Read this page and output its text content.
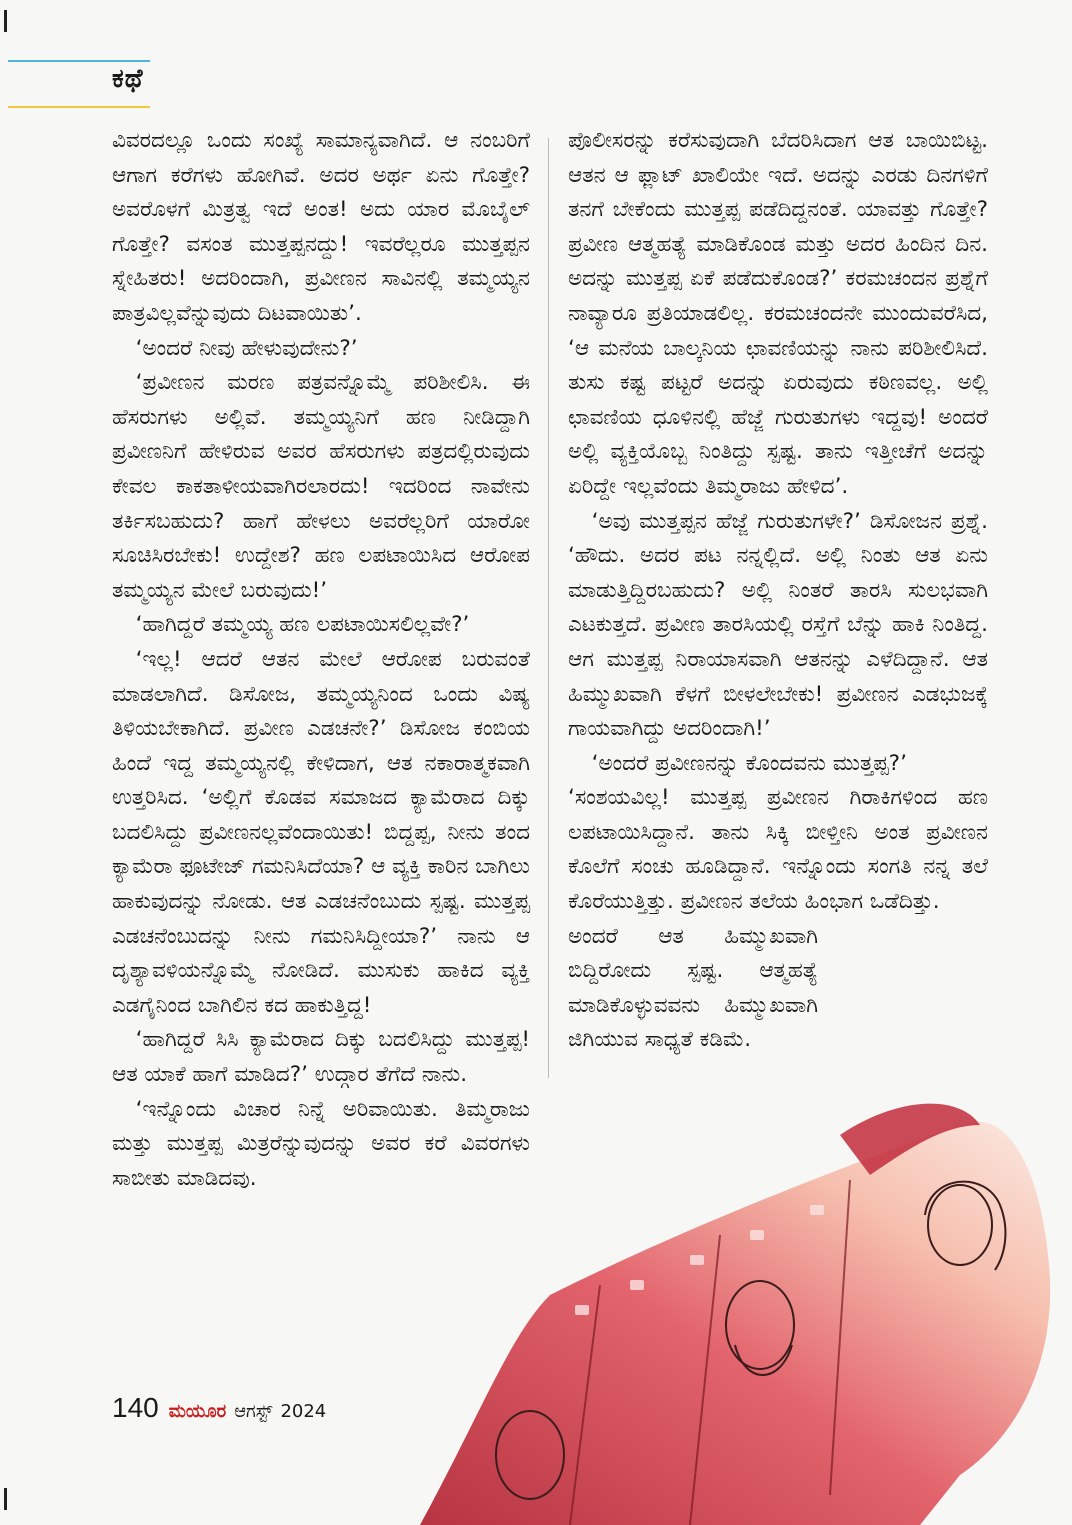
ಕಥೆ

ವಿವರದಲ್ಲೂ ಒಂದು ಸಂಖ್ಯೆ ಸಾಮಾನ್ಯವಾಗಿದೆ. ಆ ನಂಬರಿಗೆ ಆಗಾಗ ಕರೆಗಳು ಹೋಗಿವೆ. ಅದರ ಅರ್ಥ ಏನು ಗೊತ್ತೇ? ಅವರೊಳಗೆ ಮಿತ್ರತ್ವ ಇದೆ ಅಂತ! ಅದು ಯಾರ ಮೊಬೈಲ್ ಗೊತ್ತೇ? ವಸಂತ ಮುತ್ತಪ್ಪನದ್ದು! ಇವರೆಲ್ಲರೂ ಮುತ್ತಪ್ಪನ ಸ್ನೇಹಿತರು! ಅದರಿಂದಾಗಿ, ಪ್ರವೀಣನ ಸಾವಿನಲ್ಲಿ ತಮ್ಮಯ್ಯನ ಪಾತ್ರವಿಲ್ಲವೆನ್ನುವುದು ದಿಟವಾಯಿತು’.

‘ಅಂದರೆ ನೀವು ಹೇಳುವುದೇನು?’

‘ಪ್ರವೀಣನ ಮರಣ ಪತ್ರವನ್ನೊಮ್ಮೆ ಪರಿಶೀಲಿಸಿ. ಈ ಹೆಸರುಗಳು ಅಲ್ಲಿವೆ. ತಮ್ಮಯ್ಯನಿಗೆ ಹಣ ನೀಡಿದ್ದಾಗಿ ಪ್ರವೀಣನಿಗೆ ಹೇಳಿರುವ ಅವರ ಹೆಸರುಗಳು ಪತ್ರದಲ್ಲಿರುವುದು ಕೇವಲ ಕಾಕತಾಳೀಯವಾಗಿರಲಾರದು! ಇದರಿಂದ ನಾವೇನು ತರ್ಕಿಸಬಹುದು? ಹಾಗೆ ಹೇಳಲು ಅವರೆಲ್ಲರಿಗೆ ಯಾರೋ ಸೂಚಿಸಿರಬೇಕು! ಉದ್ದೇಶ? ಹಣ ಲಪಟಾಯಿಸಿದ ಆರೋಪ ತಮ್ಮಯ್ಯನ ಮೇಲೆ ಬರುವುದು!’

‘ಹಾಗಿದ್ದರೆ ತಮ್ಮಯ್ಯ ಹಣ ಲಪಟಾಯಿಸಲಿಲ್ಲವೇ?’

‘ಇಲ್ಲ! ಆದರೆ ಆತನ ಮೇಲೆ ಆರೋಪ ಬರುವಂತೆ ಮಾಡಲಾಗಿದೆ. ಡಿಸೋಜ, ತಮ್ಮಯ್ಯನಿಂದ ಒಂದು ವಿಷ್ಯ ತಿಳಿಯಬೇಕಾಗಿದೆ. ಪ್ರವೀಣ ಎಡಚನೇ?’ ಡಿಸೋಜ ಕಂಬಿಯ ಹಿಂದೆ ಇದ್ದ ತಮ್ಮಯ್ಯನಲ್ಲಿ ಕೇಳಿದಾಗ, ಆತ ನಕಾರಾತ್ಮಕವಾಗಿ ಉತ್ತರಿಸಿದ. ‘ಅಲ್ಲಿಗೆ ಕೊಡವ ಸಮಾಜದ ಕ್ಯಾಮೆರಾದ ದಿಕ್ಕು ಬದಲಿಸಿದ್ದು ಪ್ರವೀಣನಲ್ಲವೆಂದಾಯಿತು! ಬಿದ್ದಪ್ಪ, ನೀನು ತಂದ ಕ್ಯಾಮೆರಾ ಫೂಟೇಜ್ ಗಮನಿಸಿದೆಯಾ? ಆ ವ್ಯಕ್ತಿ ಕಾರಿನ ಬಾಗಿಲು ಹಾಕುವುದನ್ನು ನೋಡು. ಆತ ಎಡಚನೆಂಬುದು ಸ್ಪಷ್ಟ. ಮುತ್ತಪ್ಪ ಎಡಚನೆಂಬುದನ್ನು ನೀನು ಗಮನಿಸಿದ್ದೀಯಾ?’ ನಾನು ಆ ದೃಶ್ಯಾವಳಿಯನ್ನೊಮ್ಮೆ ನೋಡಿದೆ. ಮುಸುಕು ಹಾಕಿದ ವ್ಯಕ್ತಿ ಎಡಗೈನಿಂದ ಬಾಗಿಲಿನ ಕದ ಹಾಕುತ್ತಿದ್ದ!

‘ಹಾಗಿದ್ದರೆ ಸಿಸಿ ಕ್ಯಾಮೆರಾದ ದಿಕ್ಕು ಬದಲಿಸಿದ್ದು ಮುತ್ತಪ್ಪ! ಆತ ಯಾಕೆ ಹಾಗೆ ಮಾಡಿದ?’ ಉದ್ಗಾರ ತೆಗೆದೆ ನಾನು.

‘ಇನ್ನೊಂದು ವಿಚಾರ ನಿನ್ನೆ ಅರಿವಾಯಿತು. ತಿಮ್ಮರಾಜು ಮತ್ತು ಮುತ್ತಪ್ಪ ಮಿತ್ರರೆನ್ನುವುದನ್ನು ಅವರ ಕರೆ ವಿವರಗಳು ಸಾಬೀತು ಮಾಡಿದವು.

ಪೊಲೀಸರನ್ನು ಕರೆಸುವುದಾಗಿ ಬೆದರಿಸಿದಾಗ ಆತ ಬಾಯಿಬಿಟ್ಟ. ಆತನ ಆ ಫ್ಲಾಟ್ ಖಾಲಿಯೇ ಇದೆ. ಅದನ್ನು ಎರಡು ದಿನಗಳಿಗೆ ತನಗೆ ಬೇಕೆಂದು ಮುತ್ತಪ್ಪ ಪಡೆದಿದ್ದನಂತೆ. ಯಾವತ್ತು ಗೊತ್ತೇ? ಪ್ರವೀಣ ಆತ್ಮಹತ್ಯೆ ಮಾಡಿಕೊಂಡ ಮತ್ತು ಅದರ ಹಿಂದಿನ ದಿನ. ಅದನ್ನು ಮುತ್ತಪ್ಪ ಏಕೆ ಪಡೆದುಕೊಂಡ?’ ಕರಮಚಂದನ ಪ್ರಶ್ನೆಗೆ ನಾವ್ಯಾರೂ ಪ್ರತಿಯಾಡಲಿಲ್ಲ. ಕರಮಚಂದನೇ ಮುಂದುವರೆಸಿದ, ‘ಆ ಮನೆಯ ಬಾಲ್ಕನಿಯ ಛಾವಣಿಯನ್ನು ನಾನು ಪರಿಶೀಲಿಸಿದೆ. ತುಸು ಕಷ್ಟ ಪಟ್ಟರೆ ಅದನ್ನು ಏರುವುದು ಕಠಿಣವಲ್ಲ. ಅಲ್ಲಿ ಛಾವಣಿಯ ಧೂಳಿನಲ್ಲಿ ಹೆಜ್ಜೆ ಗುರುತುಗಳು ಇದ್ದವು! ಅಂದರೆ ಅಲ್ಲಿ ವ್ಯಕ್ತಿಯೊಬ್ಬ ನಿಂತಿದ್ದು ಸ್ಪಷ್ಟ. ತಾನು ಇತ್ತೀಚೆಗೆ ಅದನ್ನು ಏರಿದ್ದೇ ಇಲ್ಲವೆಂದು ತಿಮ್ಮರಾಜು ಹೇಳಿದ’.

‘ಅವು ಮುತ್ತಪ್ಪನ ಹೆಜ್ಜೆ ಗುರುತುಗಳೇ?’ ಡಿಸೋಜನ ಪ್ರಶ್ನೆ. ‘ಹೌದು. ಅದರ ಪಟ ನನ್ನಲ್ಲಿದೆ. ಅಲ್ಲಿ ನಿಂತು ಆತ ಏನು ಮಾಡುತ್ತಿದ್ದಿರಬಹುದು? ಅಲ್ಲಿ ನಿಂತರೆ ತಾರಸಿ ಸುಲಭವಾಗಿ ಎಟಕುತ್ತದೆ. ಪ್ರವೀಣ ತಾರಸಿಯಲ್ಲಿ ರಸ್ತೆಗೆ ಬೆನ್ನು ಹಾಕಿ ನಿಂತಿದ್ದ. ಆಗ ಮುತ್ತಪ್ಪ ನಿರಾಯಾಸವಾಗಿ ಆತನನ್ನು ಎಳೆದಿದ್ದಾನೆ. ಆತ ಹಿಮ್ಮುಖವಾಗಿ ಕೆಳಗೆ ಬೀಳಲೇಬೇಕು! ಪ್ರವೀಣನ ಎಡಭುಜಕ್ಕೆ ಗಾಯವಾಗಿದ್ದು ಅದರಿಂದಾಗಿ!’

‘ಅಂದರೆ ಪ್ರವೀಣನನ್ನು ಕೊಂದವನು ಮುತ್ತಪ್ಪ?’

‘ಸಂಶಯವಿಲ್ಲ! ಮುತ್ತಪ್ಪ ಪ್ರವೀಣನ ಗಿರಾಕಿಗಳಿಂದ ಹಣ ಲಪಟಾಯಿಸಿದ್ದಾನೆ. ತಾನು ಸಿಕ್ಕಿ ಬೀಳ್ತೀನಿ ಅಂತ ಪ್ರವೀಣನ ಕೊಲೆಗೆ ಸಂಚು ಹೂಡಿದ್ದಾನೆ. ಇನ್ನೊಂದು ಸಂಗತಿ ನನ್ನ ತಲೆ ಕೊರೆಯುತ್ತಿತ್ತು. ಪ್ರವೀಣನ ತಲೆಯ ಹಿಂಭಾಗ ಒಡೆದಿತ್ತು.

ಅಂದರೆ ಆತ ಹಿಮ್ಮುಖವಾಗಿ ಬಿದ್ದಿರೋದು ಸ್ಪಷ್ಟ. ಆತ್ಮಹತ್ಯೆ ಮಾಡಿಕೊಳ್ಳುವವನು ಹಿಮ್ಮುಖವಾಗಿ ಜಿಗಿಯುವ ಸಾಧ್ಯತೆ ಕಡಿಮೆ.

140 ಮಯೂರ ಆಗಸ್ಟ್ 2024
